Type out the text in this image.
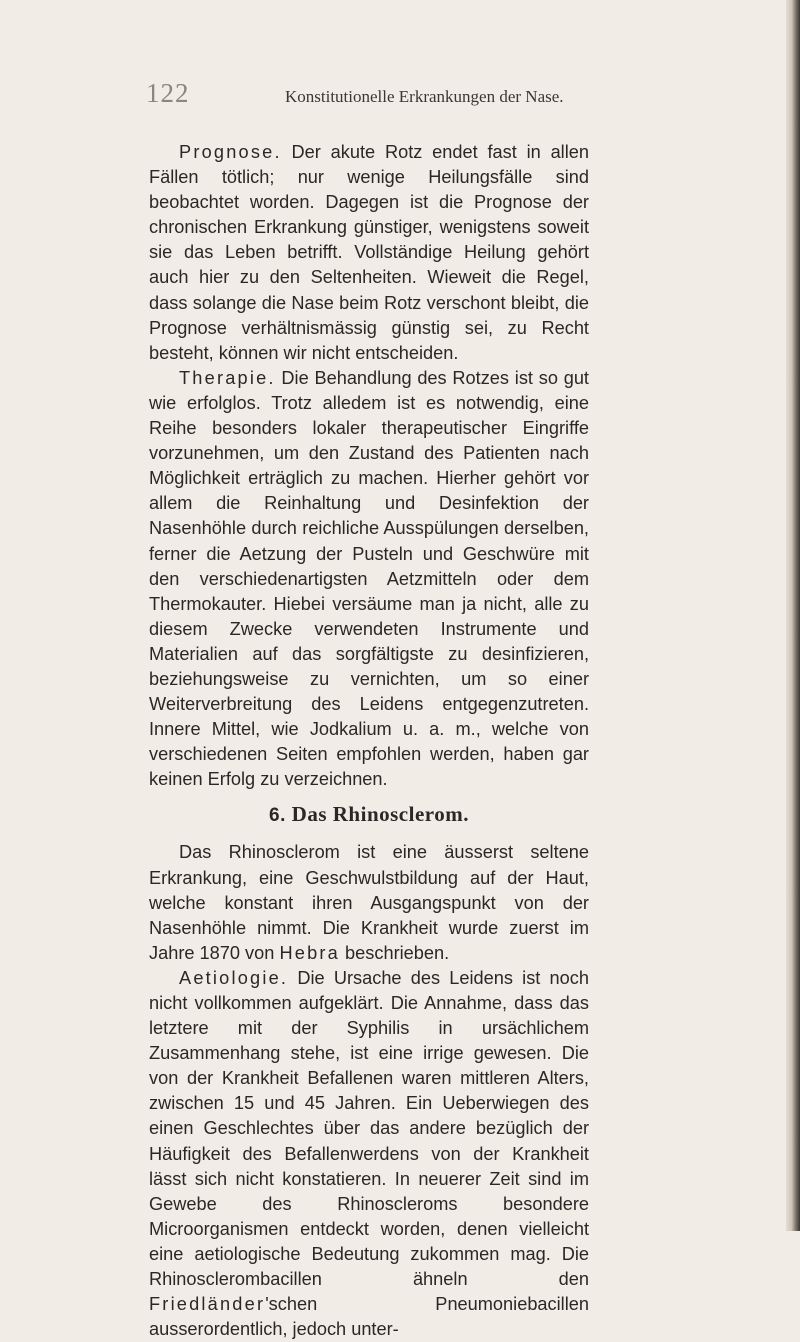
122	Konstitutionelle Erkrankungen der Nase.

Prognose. Der akute Rotz endet fast in allen Fällen tötlich; nur wenige Heilungsfälle sind beobachtet worden. Dagegen ist die Prognose der chronischen Erkrankung günstiger, wenigstens soweit sie das Leben betrifft. Vollständige Heilung gehört auch hier zu den Seltenheiten. Wieweit die Regel, dass solange die Nase beim Rotz verschont bleibt, die Prognose verhältnismässig günstig sei, zu Recht besteht, können wir nicht entscheiden.

Therapie. Die Behandlung des Rotzes ist so gut wie erfolglos. Trotz alledem ist es notwendig, eine Reihe besonders lokaler therapeutischer Eingriffe vorzunehmen, um den Zustand des Patienten nach Möglichkeit erträglich zu machen. Hierher gehört vor allem die Reinhaltung und Desinfektion der Nasenhöhle durch reichliche Ausspülungen derselben, ferner die Aetzung der Pusteln und Geschwüre mit den verschiedenartigsten Aetzmitteln oder dem Thermokauter. Hiebei versäume man ja nicht, alle zu diesem Zwecke verwendeten Instrumente und Materialien auf das sorgfältigste zu desinfizieren, beziehungsweise zu vernichten, um so einer Weiterverbreitung des Leidens entgegenzutreten. Innere Mittel, wie Jodkalium u. a. m., welche von verschiedenen Seiten empfohlen werden, haben gar keinen Erfolg zu verzeichnen.

6. Das Rhinosclerom.

Das Rhinosclerom ist eine äusserst seltene Erkrankung, eine Geschwulstbildung auf der Haut, welche konstant ihren Ausgangspunkt von der Nasenhöhle nimmt. Die Krankheit wurde zuerst im Jahre 1870 von Hebra beschrieben.

Aetiologie. Die Ursache des Leidens ist noch nicht vollkommen aufgeklärt. Die Annahme, dass das letztere mit der Syphilis in ursächlichem Zusammenhang stehe, ist eine irrige gewesen. Die von der Krankheit Befallenen waren mittleren Alters, zwischen 15 und 45 Jahren. Ein Ueberwiegen des einen Geschlechtes über das andere bezüglich der Häufigkeit des Befallenwerdens von der Krankheit lässt sich nicht konstatieren. In neuerer Zeit sind im Gewebe des Rhinoscleroms besondere Microorganismen entdeckt worden, denen vielleicht eine aetiologische Bedeutung zukommen mag. Die Rhinosclerombacillen ähneln den Friedländer'schen Pneumoniebacillen ausserordentlich, jedoch unter-
